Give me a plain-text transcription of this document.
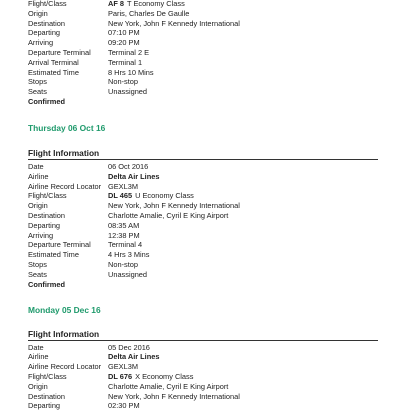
Flight/Class	AF 8 T Economy Class
Origin	Paris, Charles De Gaulle
Destination	New York, John F Kennedy International
Departing	07:10 PM
Arriving	09:20 PM
Departure Terminal	Terminal 2 E
Arrival Terminal	Terminal 1
Estimated Time	8 Hrs 10 Mins
Stops	Non-stop
Seats	Unassigned
Confirmed
Thursday 06 Oct 16
Flight Information
Date	06 Oct 2016
Airline	Delta Air Lines
Airline Record Locator GEXL3M
Flight/Class	DL 465 U Economy Class
Origin	New York, John F Kennedy International
Destination	Charlotte Amalie, Cyril E King Airport
Departing	08:35 AM
Arriving	12:38 PM
Departure Terminal	Terminal 4
Estimated Time	4 Hrs 3 Mins
Stops	Non-stop
Seats	Unassigned
Confirmed
Monday 05 Dec 16
Flight Information
Date	05 Dec 2016
Airline	Delta Air Lines
Airline Record Locator GEXL3M
Flight/Class	DL 676 X Economy Class
Origin	Charlotte Amalie, Cyril E King Airport
Destination	New York, John F Kennedy International
Departing	02:30 PM
